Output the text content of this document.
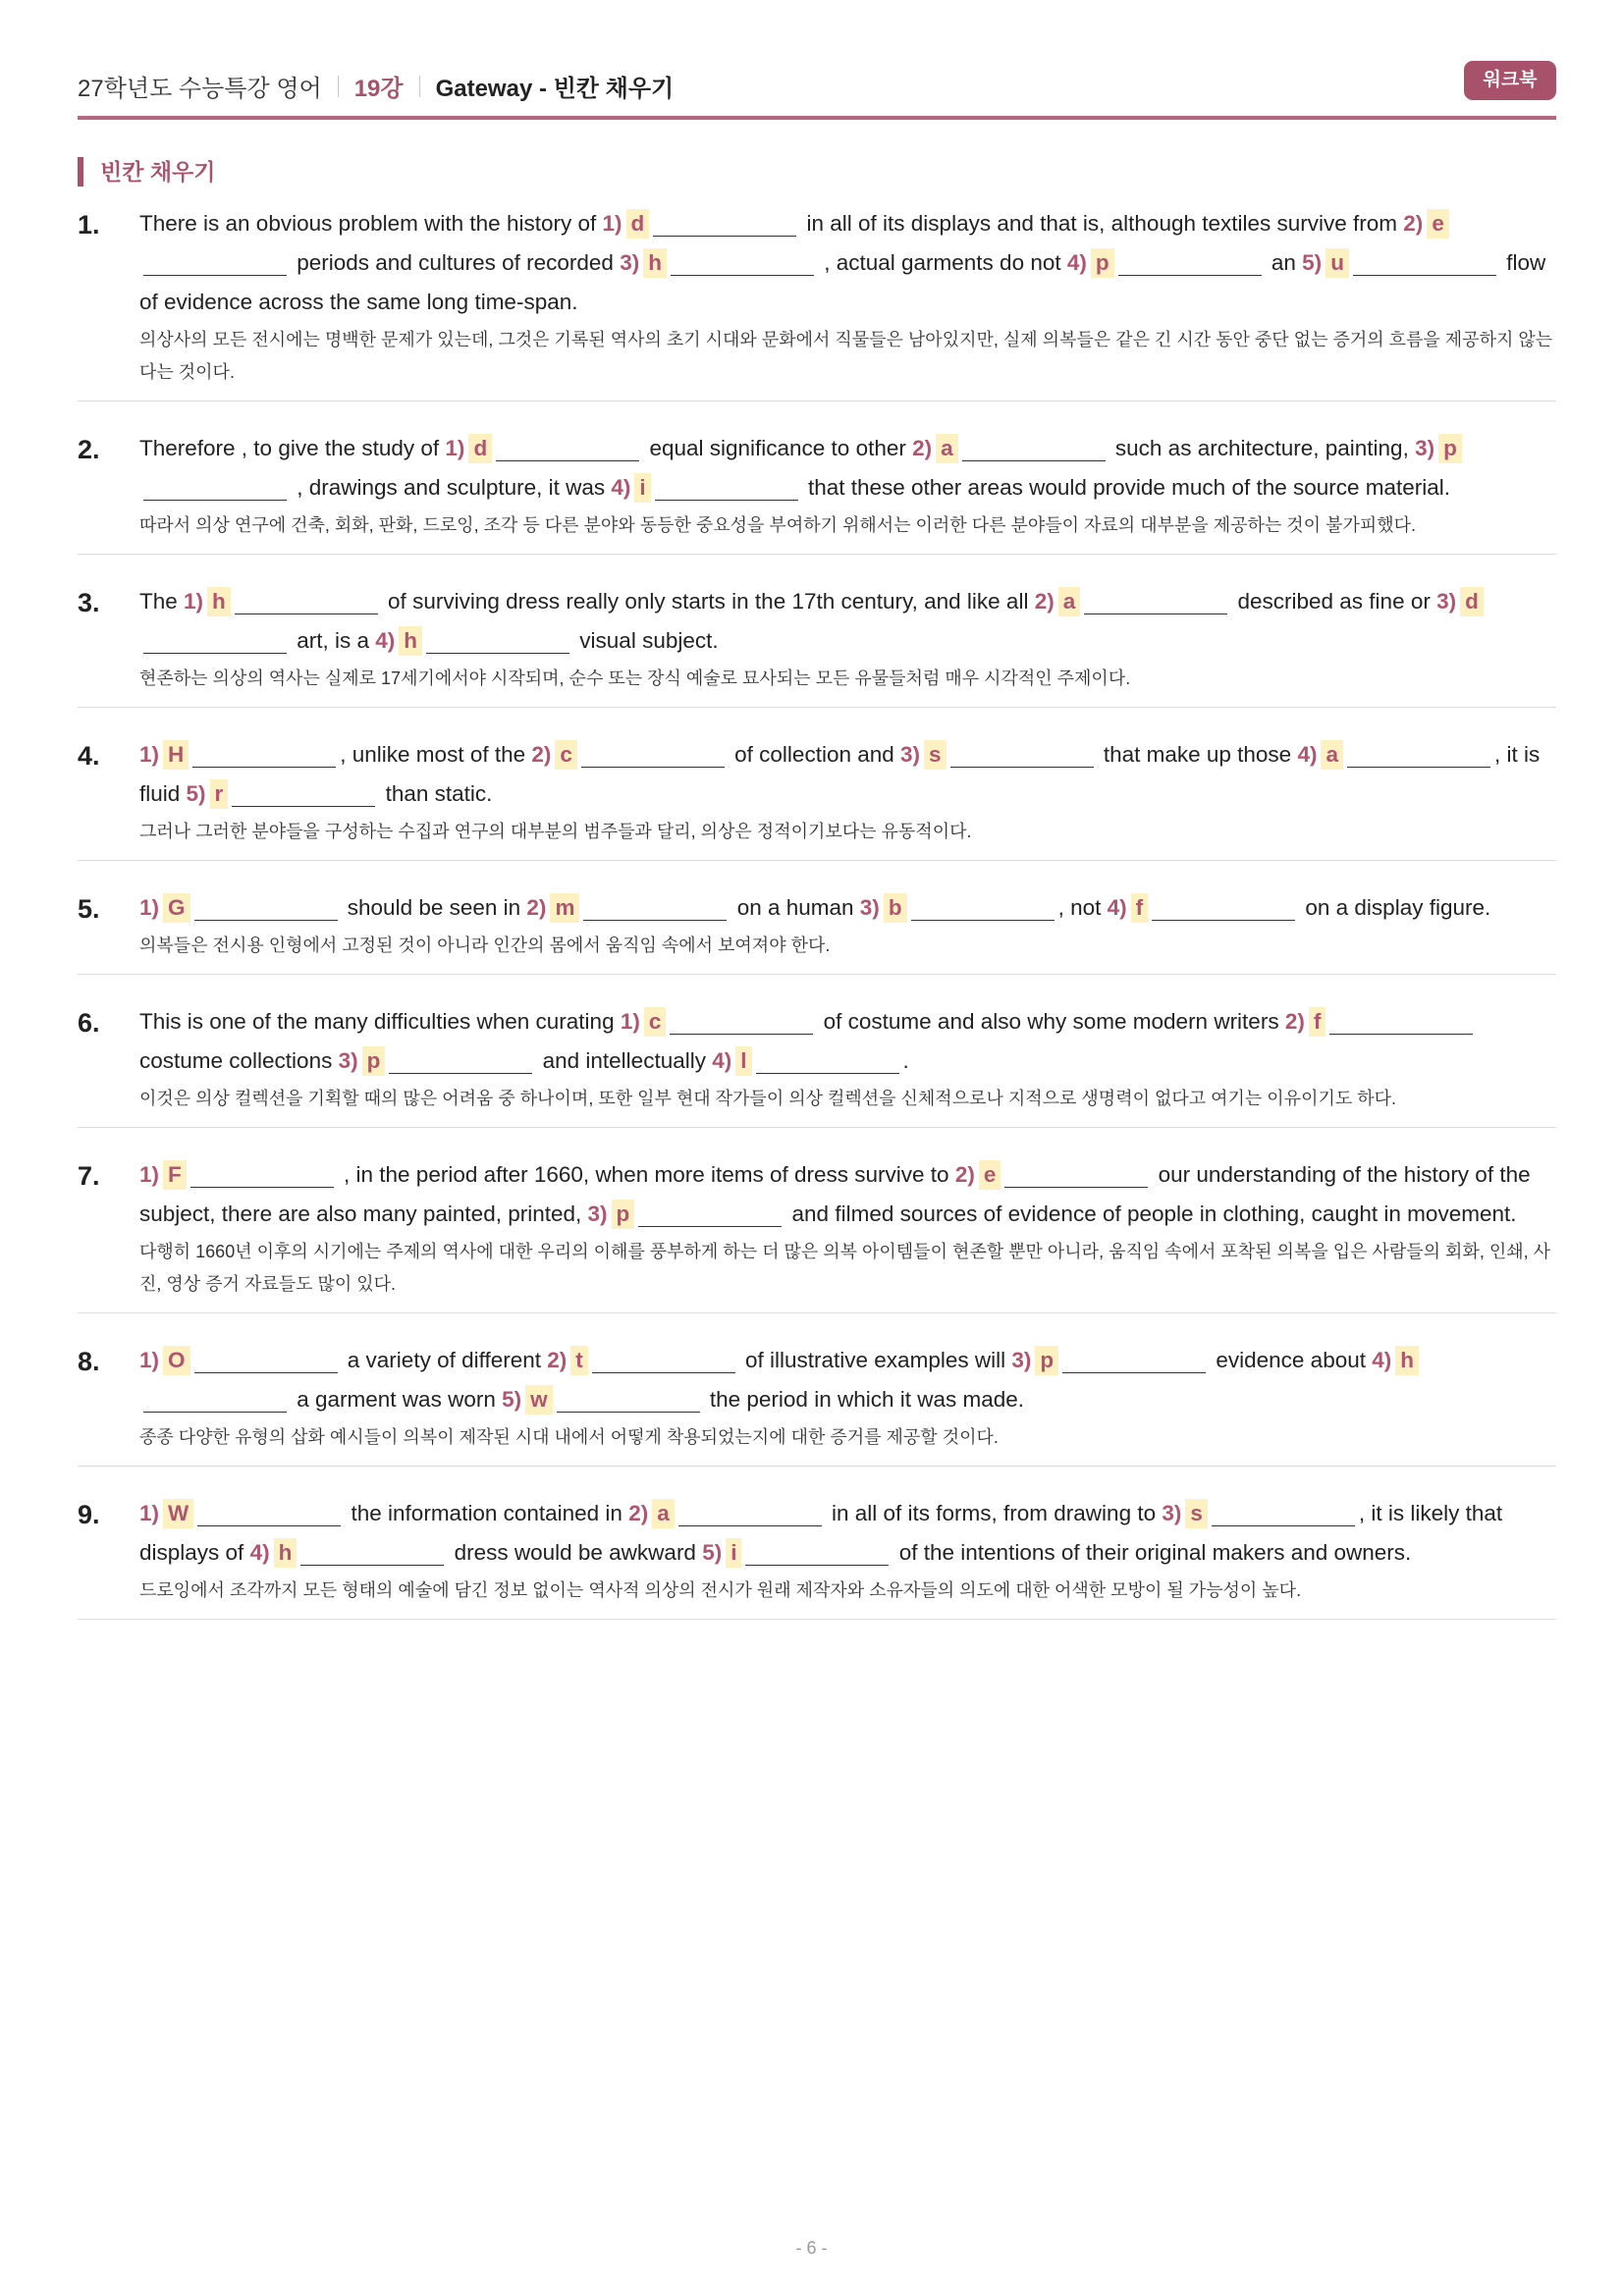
27학년도 수능특강 영어 19강 Gateway - 빈칸 채우기	워크북
빈칸 채우기
1. There is an obvious problem with the history of 1) d	in all of its displays and that is, although textiles survive from 2) e periods and cultures of recorded 3) h	, actual garments do not 4) p	an 5) u	flow of evidence across the same long time-span.
의상사의 모든 전시에는 명백한 문제가 있는데, 그것은 기록된 역사의 초기 시대와 문화에서 직물들은 남아있지만, 실제 의복들은 같은 긴 시간 동안 중단 없는 증거의 흐름을 제공하지 않는다는 것이다.
2. Therefore , to give the study of 1) d	equal significance to other 2) a	such as architecture, painting, 3) p , drawings and sculpture, it was 4) i	that these other areas would provide much of the source material.
따라서 의상 연구에 건축, 회화, 판화, 드로잉, 조각 등 다른 분야와 동등한 중요성을 부여하기 위해서는 이러한 다른 분야들이 자료의 대부분을 제공하는 것이 불가피했다.
3. The 1) h	of surviving dress really only starts in the 17th century, and like all 2) a	described as fine or 3) d art, is a 4) h	visual subject.
현존하는 의상의 역사는 실제로 17세기에서야 시작되며, 순수 또는 장식 예술로 묘사되는 모든 유물들처럼 매우 시각적인 주제이다.
4. 1) H	, unlike most of the 2) c	of collection and 3) s	that make up those 4) a	, it is fluid 5) r	than static.
그러나 그러한 분야들을 구성하는 수집과 연구의 대부분의 범주들과 달리, 의상은 정적이기보다는 유동적이다.
5. 1) G	should be seen in 2) m	on a human 3) b	, not 4) f	on a display figure.
의복들은 전시용 인형에서 고정된 것이 아니라 인간의 몸에서 움직임 속에서 보여져야 한다.
6. This is one of the many difficulties when curating 1) c	of costume and also why some modern writers 2) f costume collections 3) p	and intellectually 4) l	.
이것은 의상 컬렉션을 기획할 때의 많은 어려움 중 하나이며, 또한 일부 현대 작가들이 의상 컬렉션을 신체적으로나 지적으로 생명력이 없다고 여기는 이유이기도 하다.
7. 1) F	, in the period after 1660, when more items of dress survive to 2) e	our understanding of the history of the subject, there are also many painted, printed, 3) p	and filmed sources of evidence of people in clothing, caught in movement.
다행히 1660년 이후의 시기에는 주제의 역사에 대한 우리의 이해를 풍부하게 하는 더 많은 의복 아이템들이 현존할 뿐만 아니라, 움직임 속에서 포착된 의복을 입은 사람들의 회화, 인쇄, 사진, 영상 증거 자료들도 많이 있다.
8. 1) O	a variety of different 2) t	of illustrative examples will 3) p	evidence about 4) h a garment was worn 5) w	the period in which it was made.
종종 다양한 유형의 삽화 예시들이 의복이 제작된 시대 내에서 어떻게 착용되었는지에 대한 증거를 제공할 것이다.
9. 1) W	the information contained in 2) a	in all of its forms, from drawing to 3) s	, it is likely that displays of 4) h	dress would be awkward 5) i	of the intentions of their original makers and owners.
드로잉에서 조각까지 모든 형태의 예술에 담긴 정보 없이는 역사적 의상의 전시가 원래 제작자와 소유자들의 의도에 대한 어색한 모방이 될 가능성이 높다.
- 6 -
